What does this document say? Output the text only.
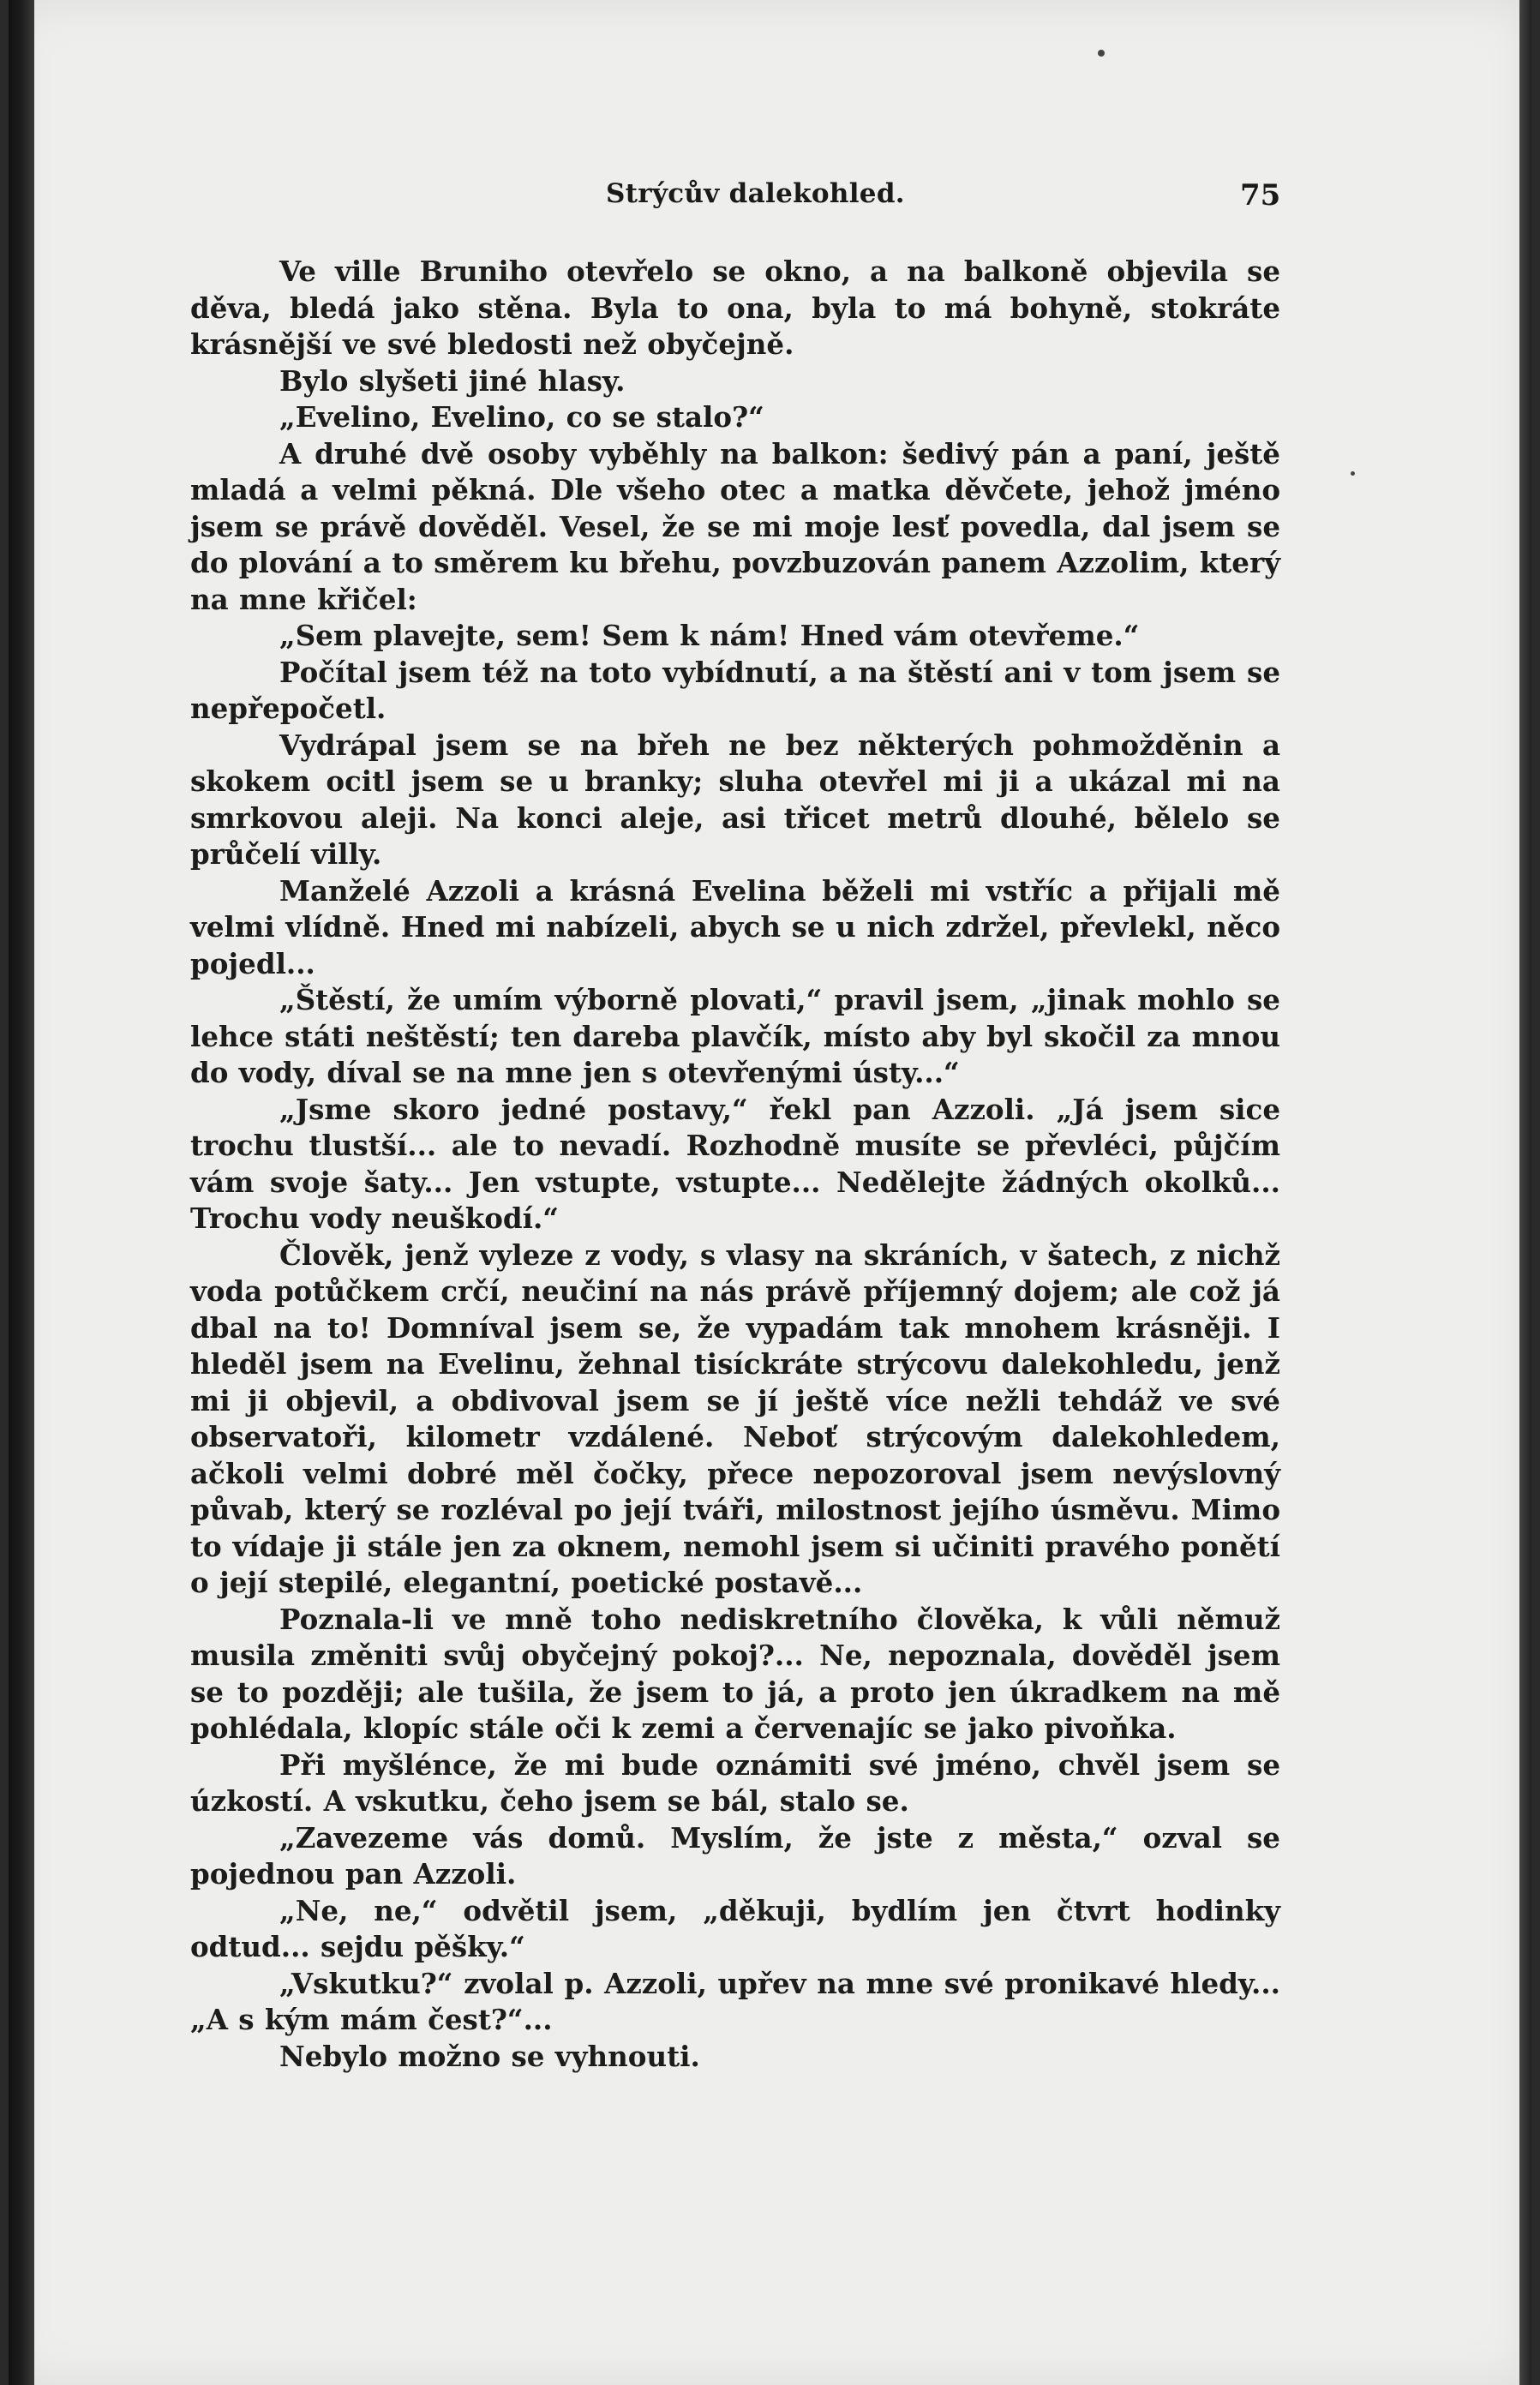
Strýcův dalekohled.	75

Ve ville Bruniho otevřelo se okno, a na balkoně objevila se děva, bledá jako stěna. Byla to ona, byla to má bohyně, stokráte krásnější ve své bledosti než obyčejně.

Bylo slyšeti jiné hlasy.

„Evelino, Evelino, co se stalo?“

A druhé dvě osoby vyběhly na balkon: šedivý pán a paní, ještě mladá a velmi pěkná. Dle všeho otec a matka děvčete, jehož jméno jsem se právě dověděl. Vesel, že se mi moje lesť povedla, dal jsem se do plování a to směrem ku břehu, povzbuzován panem Azzolim, který na mne křičel:

„Sem plavejte, sem! Sem k nám! Hned vám otevřeme.“

Počítal jsem též na toto vybídnutí, a na štěstí ani v tom jsem se nepřepočetl.

Vydrápal jsem se na břeh ne bez některých pohmožděnin a skokem ocitl jsem se u branky; sluha otevřel mi ji a ukázal mi na smrkovou aleji. Na konci aleje, asi třicet metrů dlouhé, bělelo se průčelí villy.

Manželé Azzoli a krásná Evelina běželi mi vstříc a přijali mě velmi vlídně. Hned mi nabízeli, abych se u nich zdržel, převlekl, něco pojedl...

„Štěstí, že umím výborně plovati,“ pravil jsem, „jinak mohlo se lehce státi neštěstí; ten dareba plavčík, místo aby byl skočil za mnou do vody, díval se na mne jen s otevřenými ústy...“

„Jsme skoro jedné postavy,“ řekl pan Azzoli. „Já jsem sice trochu tlustší... ale to nevadí. Rozhodně musíte se převléci, půjčím vám svoje šaty... Jen vstupte, vstupte... Nedělejte žádných okolků... Trochu vody neuškodí.“

Člověk, jenž vyleze z vody, s vlasy na skráních, v šatech, z nichž voda potůčkem crčí, neučiní na nás právě příjemný dojem; ale což já dbal na to! Domníval jsem se, že vypadám tak mnohem krásněji. I hleděl jsem na Evelinu, žehnal tisíckráte strýcovu dalekohledu, jenž mi ji objevil, a obdivoval jsem se jí ještě více nežli tehdáž ve své observatoři, kilometr vzdálené. Neboť strýcovým dalekohledem, ačkoli velmi dobré měl čočky, přece nepozoroval jsem nevýslovný půvab, který se rozléval po její tváři, milostnost jejího úsměvu. Mimo to vídaje ji stále jen za oknem, nemohl jsem si učiniti pravého ponětí o její stepilé, elegantní, poetické postavě...

Poznala-li ve mně toho nediskretního člověka, k vůli němuž musila změniti svůj obyčejný pokoj?... Ne, nepoznala, dověděl jsem se to později; ale tušila, že jsem to já, a proto jen úkradkem na mě pohlédala, klopíc stále oči k zemi a červenajíc se jako pivoňka.

Při myšlénce, že mi bude oznámiti své jméno, chvěl jsem se úzkostí. A vskutku, čeho jsem se bál, stalo se.

„Zavezeme vás domů. Myslím, že jste z města,“ ozval se pojednou pan Azzoli.

„Ne, ne,“ odvětil jsem, „děkuji, bydlím jen čtvrt hodinky odtud... sejdu pěšky.“

„Vskutku?“ zvolal p. Azzoli, upřev na mne své pronikavé hledy... „A s kým mám čest?“...

Nebylo možno se vyhnouti.
